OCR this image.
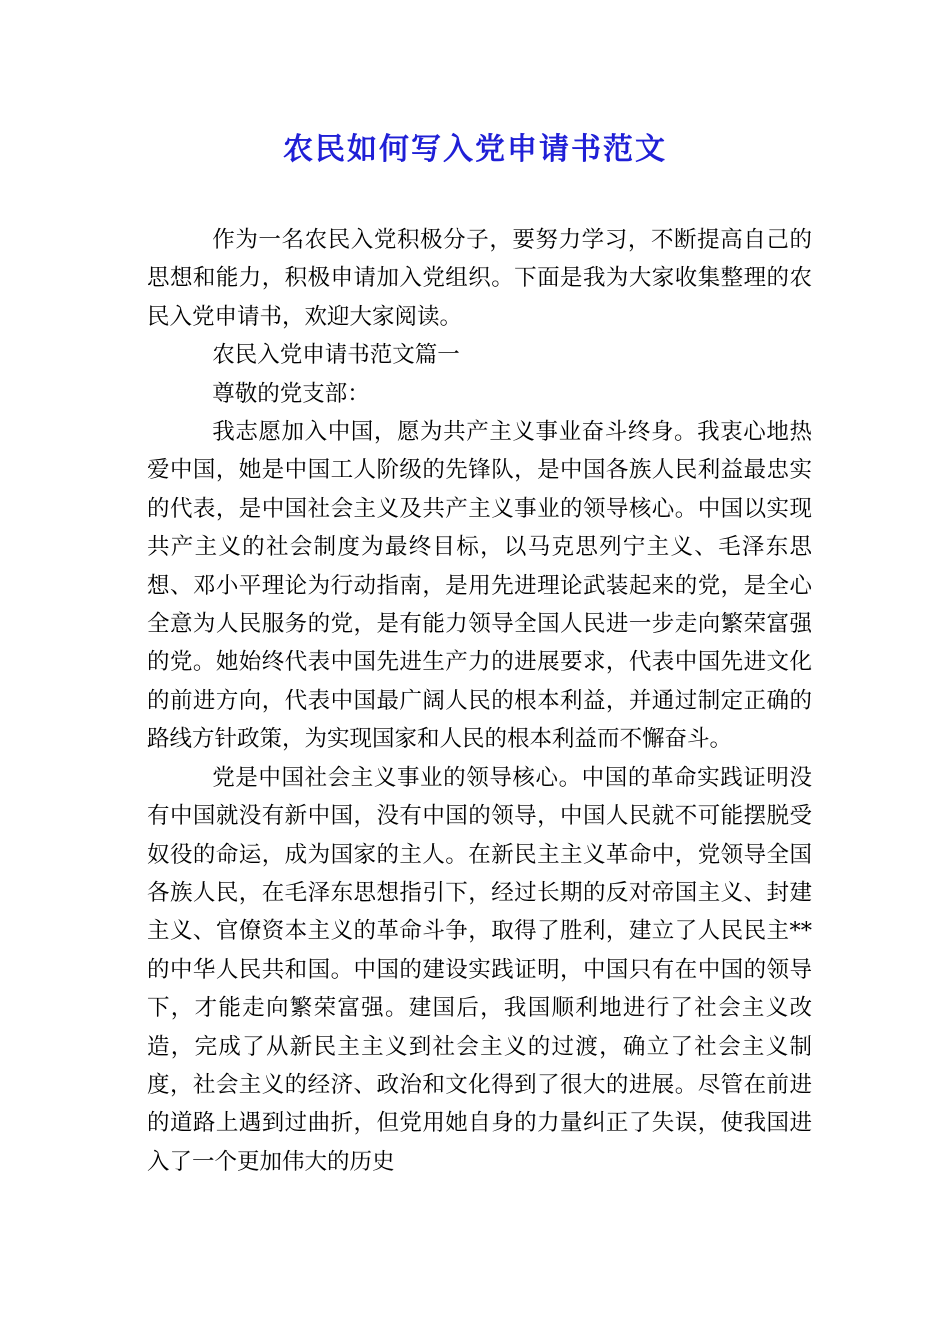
农民如何写入党申请书范文

作为一名农民入党积极分子，要努力学习，不断提高自己的思想和能力，积极申请加入党组织。下面是我为大家收集整理的农民入党申请书，欢迎大家阅读。

农民入党申请书范文篇一

尊敬的党支部：

我志愿加入中国，愿为共产主义事业奋斗终身。我衷心地热爱中国，她是中国工人阶级的先锋队，是中国各族人民利益最忠实的代表，是中国社会主义及共产主义事业的领导核心。中国以实现共产主义的社会制度为最终目标，以马克思列宁主义、毛泽东思想、邓小平理论为行动指南，是用先进理论武装起来的党，是全心全意为人民服务的党，是有能力领导全国人民进一步走向繁荣富强的党。她始终代表中国先进生产力的进展要求，代表中国先进文化的前进方向，代表中国最广阔人民的根本利益，并通过制定正确的路线方针政策，为实现国家和人民的根本利益而不懈奋斗。

党是中国社会主义事业的领导核心。中国的革命实践证明没有中国就没有新中国，没有中国的领导，中国人民就不可能摆脱受奴役的命运，成为国家的主人。在新民主主义革命中，党领导全国各族人民，在毛泽东思想指引下，经过长期的反对帝国主义、封建主义、官僚资本主义的革命斗争，取得了胜利，建立了人民民主**的中华人民共和国。中国的建设实践证明，中国只有在中国的领导下，才能走向繁荣富强。建国后，我国顺利地进行了社会主义改造，完成了从新民主主义到社会主义的过渡，确立了社会主义制度，社会主义的经济、政治和文化得到了很大的进展。尽管在前进的道路上遇到过曲折，但党用她自身的力量纠正了失误，使我国进入了一个更加伟大的历史
